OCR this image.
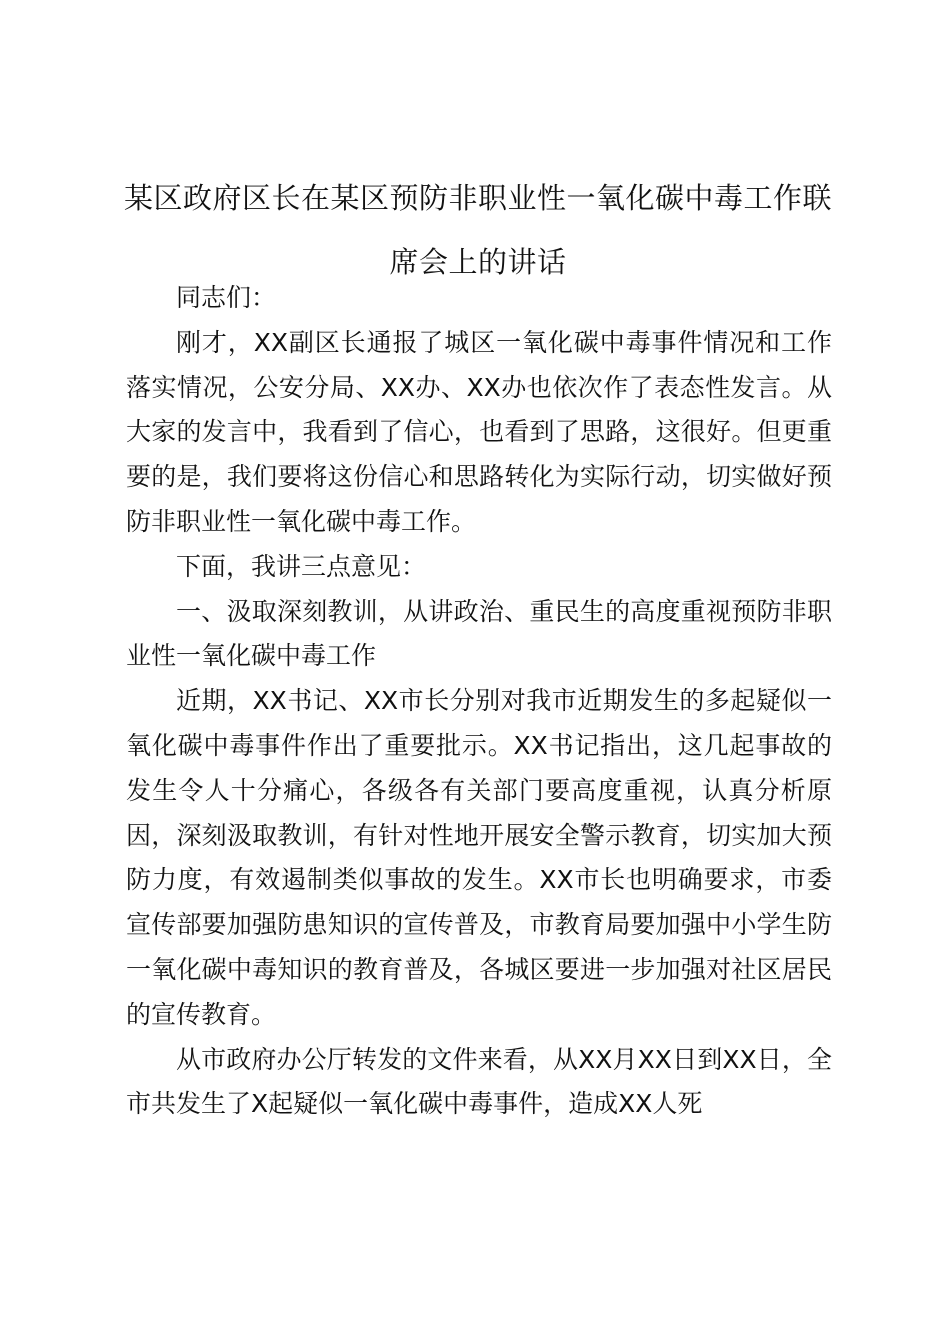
某区政府区长在某区预防非职业性一氧化碳中毒工作联席会上的讲话

同志们：

刚才，XX副区长通报了城区一氧化碳中毒事件情况和工作落实情况，公安分局、XX办、XX办也依次作了表态性发言。从大家的发言中，我看到了信心，也看到了思路，这很好。但更重要的是，我们要将这份信心和思路转化为实际行动，切实做好预防非职业性一氧化碳中毒工作。

下面，我讲三点意见：

一、汲取深刻教训，从讲政治、重民生的高度重视预防非职业性一氧化碳中毒工作

近期，XX书记、XX市长分别对我市近期发生的多起疑似一氧化碳中毒事件作出了重要批示。XX书记指出，这几起事故的发生令人十分痛心，各级各有关部门要高度重视，认真分析原因，深刻汲取教训，有针对性地开展安全警示教育，切实加大预防力度，有效遏制类似事故的发生。XX市长也明确要求，市委宣传部要加强防患知识的宣传普及，市教育局要加强中小学生防一氧化碳中毒知识的教育普及，各城区要进一步加强对社区居民的宣传教育。

从市政府办公厅转发的文件来看，从XX月XX日到XX日，全市共发生了X起疑似一氧化碳中毒事件，造成XX人死
